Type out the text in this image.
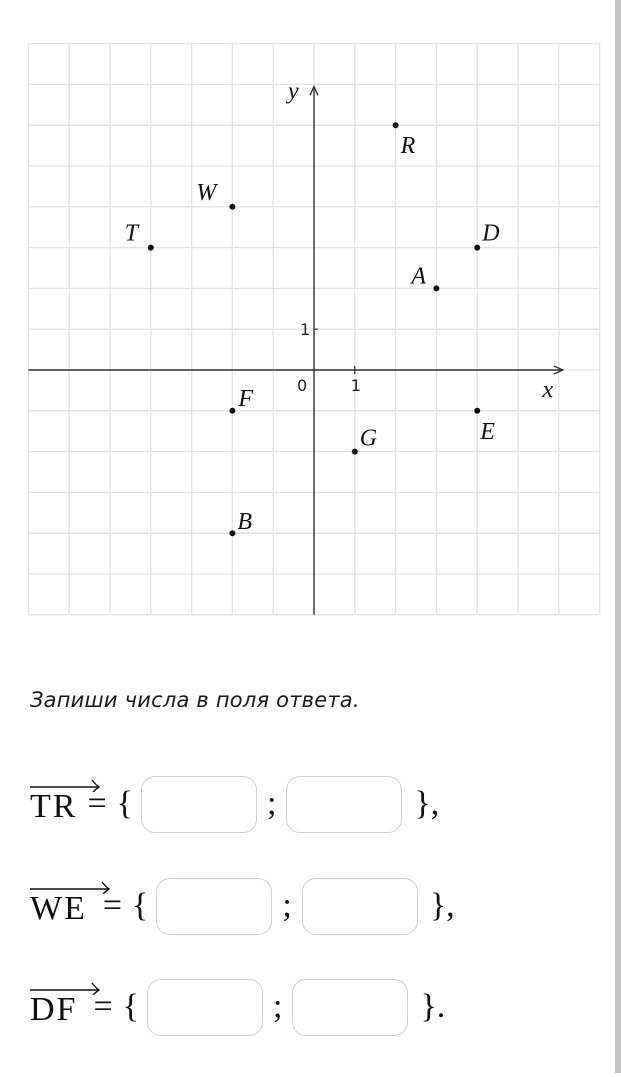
0	1
1
x
y
T
W
R
D
A
F
G	E
B
Запиши числа в поля ответа.
TR = {	;	},
WE = {	;	},
DF = {	;	}.
